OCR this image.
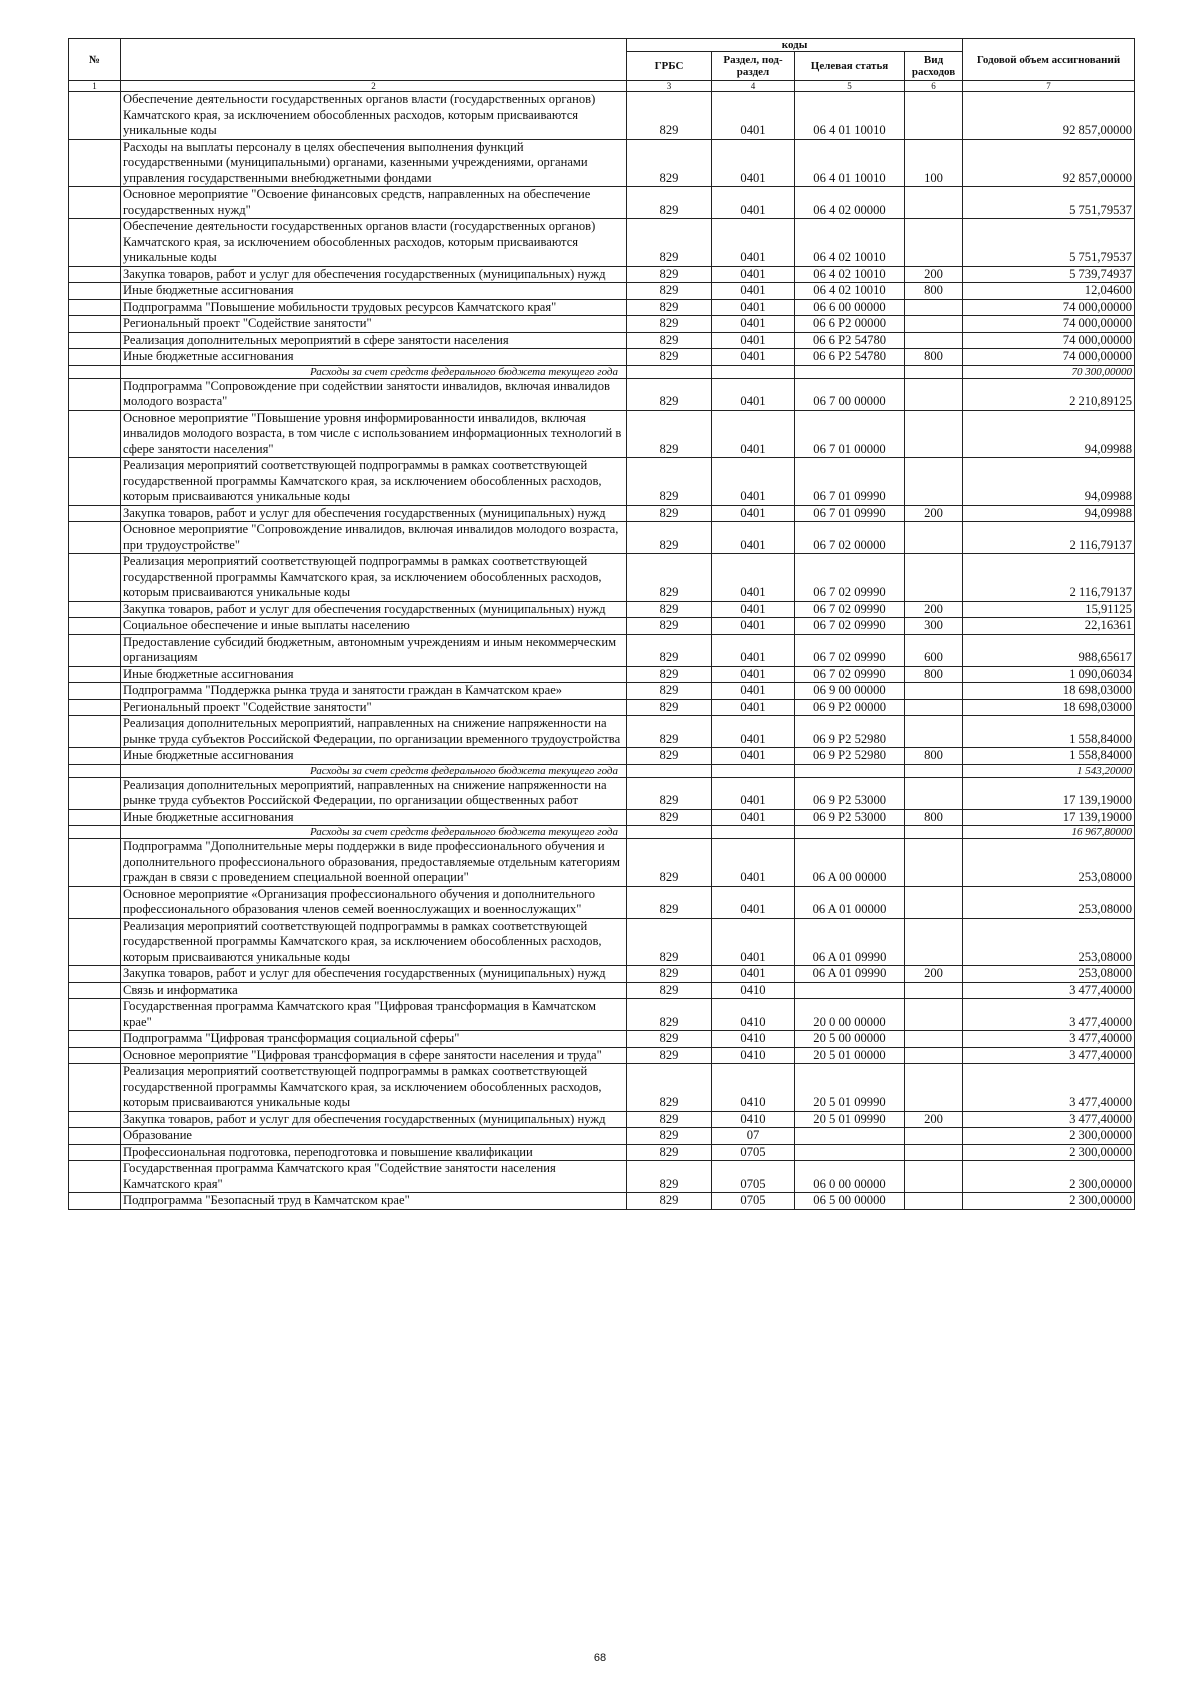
№		коды				Годовой объем ассигнований
		ГРБС	Раздел, под-раздел	Целевая статья	Вид расходов	
1	2	3	4	5	6	7
	Обеспечение деятельности государственных органов власти (государственных органов) Камчатского края, за исключением обособленных расходов, которым присваиваются уникальные коды	829	0401	06 4 01 10010		92 857,00000
	Расходы на выплаты персоналу в целях обеспечения выполнения функций государственными (муниципальными) органами, казенными учреждениями, органами управления государственными внебюджетными фондами	829	0401	06 4 01 10010	100	92 857,00000
	Основное мероприятие "Освоение финансовых средств, направленных на обеспечение государственных нужд"	829	0401	06 4 02 00000		5 751,79537
	Обеспечение деятельности государственных органов власти (государственных органов) Камчатского края, за исключением обособленных расходов, которым присваиваются уникальные коды	829	0401	06 4 02 10010		5 751,79537
	Закупка товаров, работ и услуг для обеспечения государственных (муниципальных) нужд	829	0401	06 4 02 10010	200	5 739,74937
	Иные бюджетные ассигнования	829	0401	06 4 02 10010	800	12,04600
	Подпрограмма "Повышение мобильности трудовых ресурсов Камчатского края"	829	0401	06 6 00 00000		74 000,00000
	Региональный проект "Содействие занятости"	829	0401	06 6 P2 00000		74 000,00000
	Реализация дополнительных мероприятий в сфере занятости населения	829	0401	06 6 P2 54780		74 000,00000
	Иные бюджетные ассигнования	829	0401	06 6 P2 54780	800	74 000,00000
	Расходы за счет средств федерального бюджета текущего года					70 300,00000
	Подпрограмма "Сопровождение при содействии занятости инвалидов, включая инвалидов молодого возраста"	829	0401	06 7 00 00000		2 210,89125
	Основное мероприятие "Повышение уровня информированности инвалидов, включая инвалидов молодого возраста, в том числе с использованием информационных технологий в сфере занятости населения"	829	0401	06 7 01 00000		94,09988
	Реализация мероприятий соответствующей подпрограммы в рамках соответствующей государственной программы Камчатского края, за исключением обособленных расходов, которым присваиваются уникальные коды	829	0401	06 7 01 09990		94,09988
	Закупка товаров, работ и услуг для обеспечения государственных (муниципальных) нужд	829	0401	06 7 01 09990	200	94,09988
	Основное мероприятие "Сопровождение инвалидов, включая инвалидов молодого возраста, при трудоустройстве"	829	0401	06 7 02 00000		2 116,79137
	Реализация мероприятий соответствующей подпрограммы в рамках соответствующей государственной программы Камчатского края, за исключением обособленных расходов, которым присваиваются уникальные коды	829	0401	06 7 02 09990		2 116,79137
	Закупка товаров, работ и услуг для обеспечения государственных (муниципальных) нужд	829	0401	06 7 02 09990	200	15,91125
	Социальное обеспечение и иные выплаты населению	829	0401	06 7 02 09990	300	22,16361
	Предоставление субсидий бюджетным, автономным учреждениям и иным некоммерческим организациям	829	0401	06 7 02 09990	600	988,65617
	Иные бюджетные ассигнования	829	0401	06 7 02 09990	800	1 090,06034
	Подпрограмма "Поддержка рынка труда и занятости граждан в Камчатском крае»	829	0401	06 9 00 00000		18 698,03000
	Региональный проект "Содействие занятости"	829	0401	06 9 P2 00000		18 698,03000
	Реализация дополнительных мероприятий, направленных на снижение напряженности на рынке труда субъектов Российской Федерации, по организации временного трудоустройства	829	0401	06 9 P2 52980		1 558,84000
	Иные бюджетные ассигнования	829	0401	06 9 P2 52980	800	1 558,84000
	Расходы за счет средств федерального бюджета текущего года					1 543,20000
	Реализация дополнительных мероприятий, направленных на снижение напряженности на рынке труда субъектов Российской Федерации, по организации общественных работ	829	0401	06 9 P2 53000		17 139,19000
	Иные бюджетные ассигнования	829	0401	06 9 P2 53000	800	17 139,19000
	Расходы за счет средств федерального бюджета текущего года					16 967,80000
	Подпрограмма "Дополнительные меры поддержки в виде профессионального обучения и дополнительного профессионального образования, предоставляемые отдельным категориям граждан в связи с проведением специальной военной операции"	829	0401	06 A 00 00000		253,08000
	Основное мероприятие «Организация профессионального обучения и дополнительного профессионального образования членов семей военнослужащих и военнослужащих"	829	0401	06 A 01 00000		253,08000
	Реализация мероприятий соответствующей подпрограммы в рамках соответствующей государственной программы Камчатского края, за исключением обособленных расходов, которым присваиваются уникальные коды	829	0401	06 A 01 09990		253,08000
	Закупка товаров, работ и услуг для обеспечения государственных (муниципальных) нужд	829	0401	06 A 01 09990	200	253,08000
	Связь и информатика	829	0410			3 477,40000
	Государственная программа Камчатского края "Цифровая трансформация в Камчатском крае"	829	0410	20 0 00 00000		3 477,40000
	Подпрограмма "Цифровая трансформация социальной сферы"	829	0410	20 5 00 00000		3 477,40000
	Основное мероприятие "Цифровая трансформация в сфере занятости населения и труда"	829	0410	20 5 01 00000		3 477,40000
	Реализация мероприятий соответствующей подпрограммы в рамках соответствующей государственной программы Камчатского края, за исключением обособленных расходов, которым присваиваются уникальные коды	829	0410	20 5 01 09990		3 477,40000
	Закупка товаров, работ и услуг для обеспечения государственных (муниципальных) нужд	829	0410	20 5 01 09990	200	3 477,40000
	Образование	829	07			2 300,00000
	Профессиональная подготовка, переподготовка и повышение квалификации	829	0705			2 300,00000
	Государственная программа Камчатского края "Содействие занятости населения Камчатского края"	829	0705	06 0 00 00000		2 300,00000
	Подпрограмма "Безопасный труд в Камчатском крае"	829	0705	06 5 00 00000		2 300,00000
68
